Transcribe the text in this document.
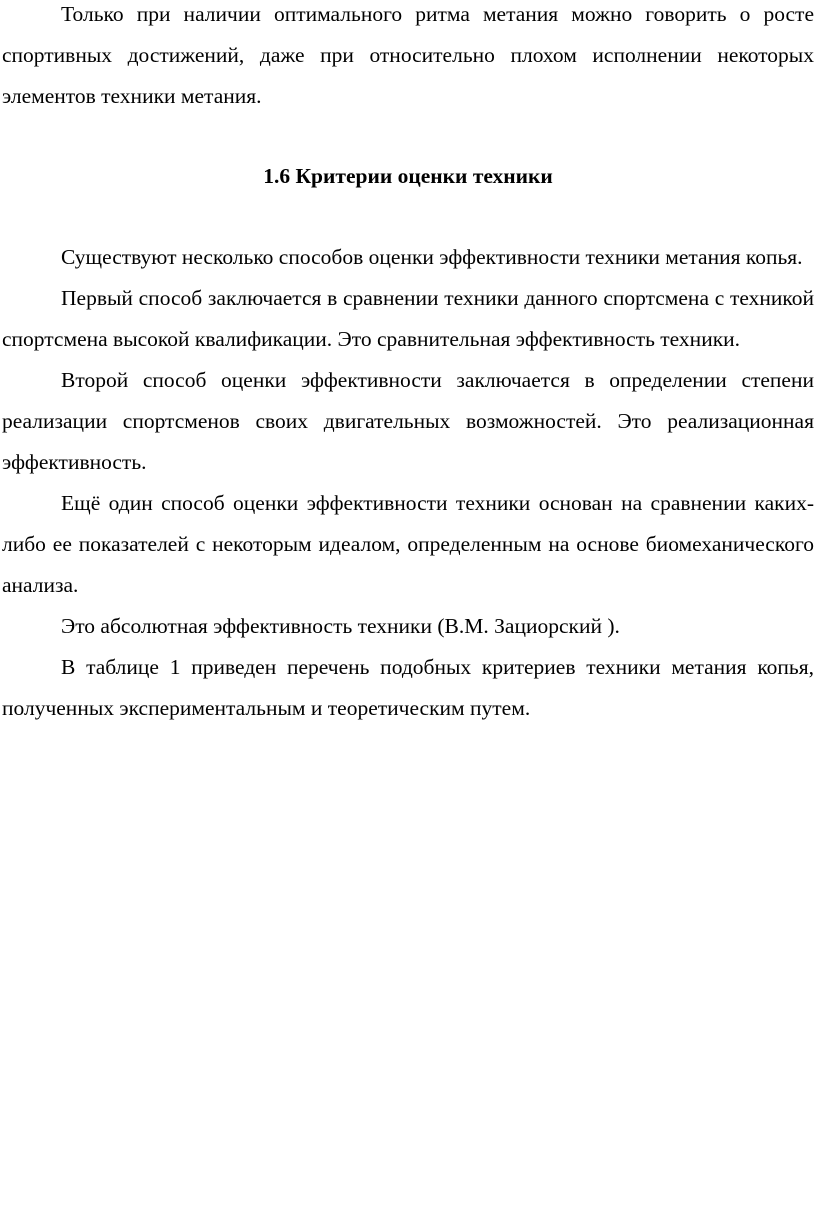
Только при наличии оптимального ритма метания можно говорить о росте спортивных достижений, даже при относительно плохом исполнении некоторых элементов техники метания.

1.6 Критерии оценки техники

Существуют несколько способов оценки эффективности техники метания копья.

Первый способ заключается в сравнении техники данного спортсмена с техникой спортсмена высокой квалификации. Это сравнительная эффективность техники.

Второй способ оценки эффективности заключается в определении степени реализации спортсменов своих двигательных возможностей. Это реализационная эффективность.

Ещё один способ оценки эффективности техники основан на сравнении каких-либо ее показателей с некоторым идеалом, определенным на основе биомеханического анализа.

Это абсолютная эффективность техники (В.М. Зациорский ).

В таблице 1 приведен перечень подобных критериев техники метания копья, полученных экспериментальным и теоретическим путем.
